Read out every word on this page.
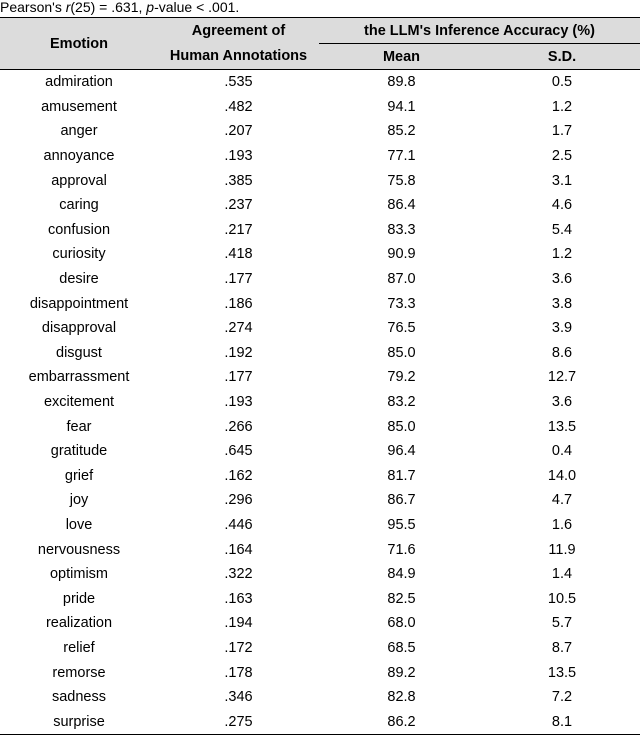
Pearson's r(25) = .631, p-value < .001.
Emotion	Agreement of	the LLM's Inference Accuracy (%)	
	Human Annotations	Mean	S.D.
admiration	.535	89.8	0.5
amusement	.482	94.1	1.2
anger	.207	85.2	1.7
annoyance	.193	77.1	2.5
approval	.385	75.8	3.1
caring	.237	86.4	4.6
confusion	.217	83.3	5.4
curiosity	.418	90.9	1.2
desire	.177	87.0	3.6
disappointment	.186	73.3	3.8
disapproval	.274	76.5	3.9
disgust	.192	85.0	8.6
embarrassment	.177	79.2	12.7
excitement	.193	83.2	3.6
fear	.266	85.0	13.5
gratitude	.645	96.4	0.4
grief	.162	81.7	14.0
joy	.296	86.7	4.7
love	.446	95.5	1.6
nervousness	.164	71.6	11.9
optimism	.322	84.9	1.4
pride	.163	82.5	10.5
realization	.194	68.0	5.7
relief	.172	68.5	8.7
remorse	.178	89.2	13.5
sadness	.346	82.8	7.2
surprise	.275	86.2	8.1
